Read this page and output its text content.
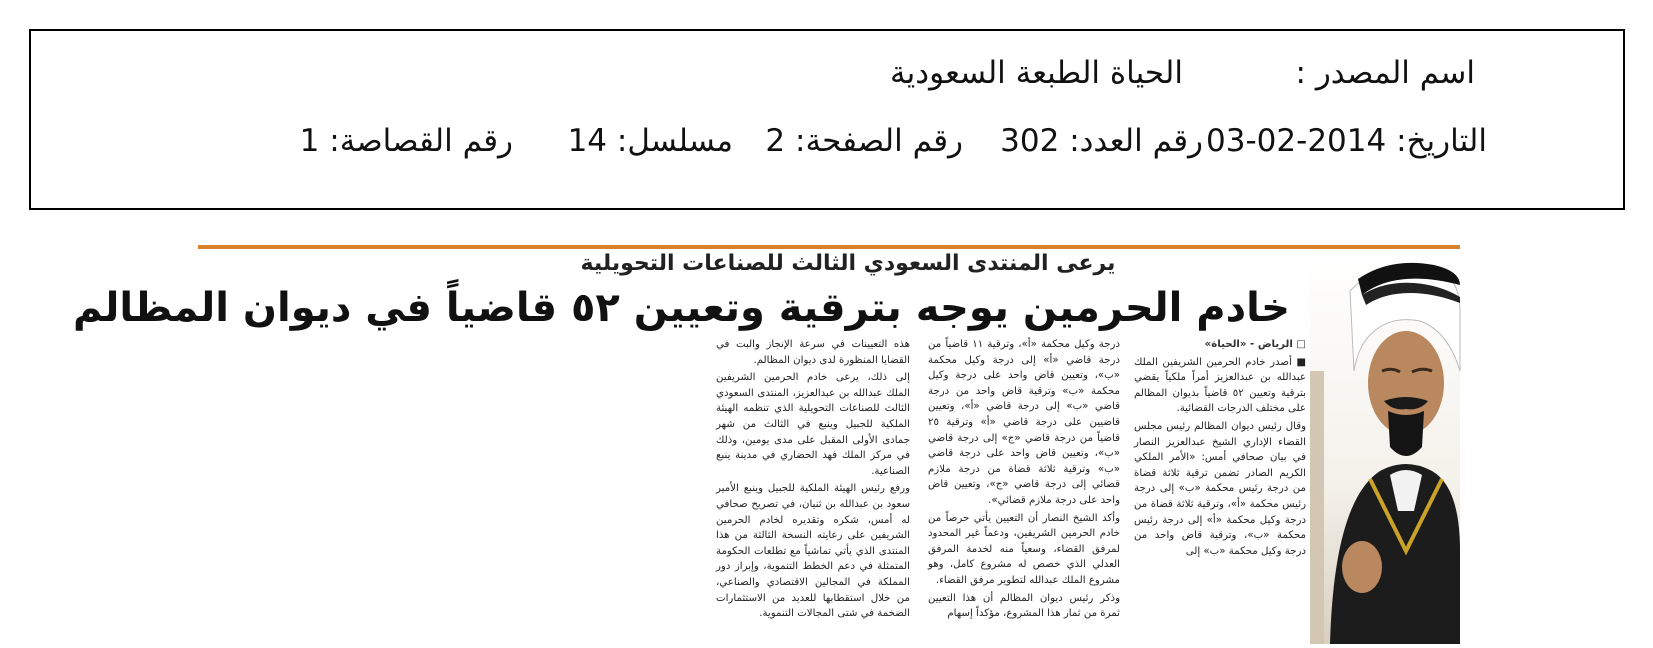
اسم المصدر :
الحياة الطبعة السعودية
التاريخ: 2014-02-03
رقم العدد: 302
رقم الصفحة: 2
مسلسل: 14
رقم القصاصة: 1
يرعى المنتدى السعودي الثالث للصناعات التحويلية
خادم الحرمين يوجه بترقية وتعيين ٥٢ قاضياً في ديوان المظالم

□ الرياض - «الحياة»

■ أصدر خادم الحرمين الشريفين الملك عبدالله بن عبدالعزيز أمراً ملكياً يقضي بترقية وتعيين ٥٢ قاضياً بديوان المظالم على مختلف الدرجات القضائية.

وقال رئيس ديوان المظالم رئيس مجلس القضاء الإداري الشيخ عبدالعزيز النصار في بيان صحافي أمس: «الأمر الملكي الكريم الصادر تضمن ترقية ثلاثة قضاة من درجة رئيس محكمة «ب» إلى درجة رئيس محكمة «أ»، وترقية ثلاثة قضاة من درجة وكيل محكمة «أ» إلى درجة رئيس محكمة «ب»، وترقية قاض واحد من درجة وكيل محكمة «ب» إلى

درجة وكيل محكمة «أ»، وترقية ١١ قاضياً من درجة قاضي «أ» إلى درجة وكيل محكمة «ب»، وتعيين قاض واحد على درجة وكيل محكمة «ب» وترقية قاض واحد من درجة قاضي «ب» إلى درجة قاضي «أ»، وتعيين قاضيين على درجة قاضي «أ» وترقية ٢٥ قاضياً من درجة قاضي «ج» إلى درجة قاضي «ب»، وتعيين قاض واحد على درجة قاضي «ب» وترقية ثلاثة قضاة من درجة ملازم قضائي إلى درجة قاضي «ج»، وتعيين قاض واحد على درجة ملازم قضائي».

وأكد الشيخ النصار أن التعيين يأتي حرصاً من خادم الحرمين الشريفين، ودعماً غير المحدود لمرفق القضاء، وسعياً منه لخدمة المرفق العدلي الذي خصص له مشروع كامل، وهو مشروع الملك عبدالله لتطوير مرفق القضاء.

وذكر رئيس ديوان المظالم أن هذا التعيين ثمرة من ثمار هذا المشروع، مؤكداً إسهام

هذه التعيينات في سرعة الإنجاز والبت في القضايا المنظورة لدى ديوان المظالم.

إلى ذلك، يرعى خادم الحرمين الشريفين الملك عبدالله بن عبدالعزيز، المنتدى السعودي الثالث للصناعات التحويلية الذي تنظمه الهيئة الملكية للجبيل وينبع في الثالث من شهر جمادى الأولى المقبل على مدى يومين، وذلك في مركز الملك فهد الحضاري في مدينة ينبع الصناعية.

ورفع رئيس الهيئة الملكية للجبيل وينبع الأمير سعود بن عبدالله بن ثنيان، في تصريح صحافي له أمس، شكره وتقديره لخادم الحرمين الشريفين على رعايته النسخة الثالثة من هذا المنتدى الذي يأتي تماشياً مع تطلعات الحكومة المتمثلة في دعم الخطط التنموية، وإبراز دور المملكة في المجالين الاقتصادي والصناعي، من خلال استقطابها للعديد من الاستثمارات الضخمة في شتى المجالات التنموية.
